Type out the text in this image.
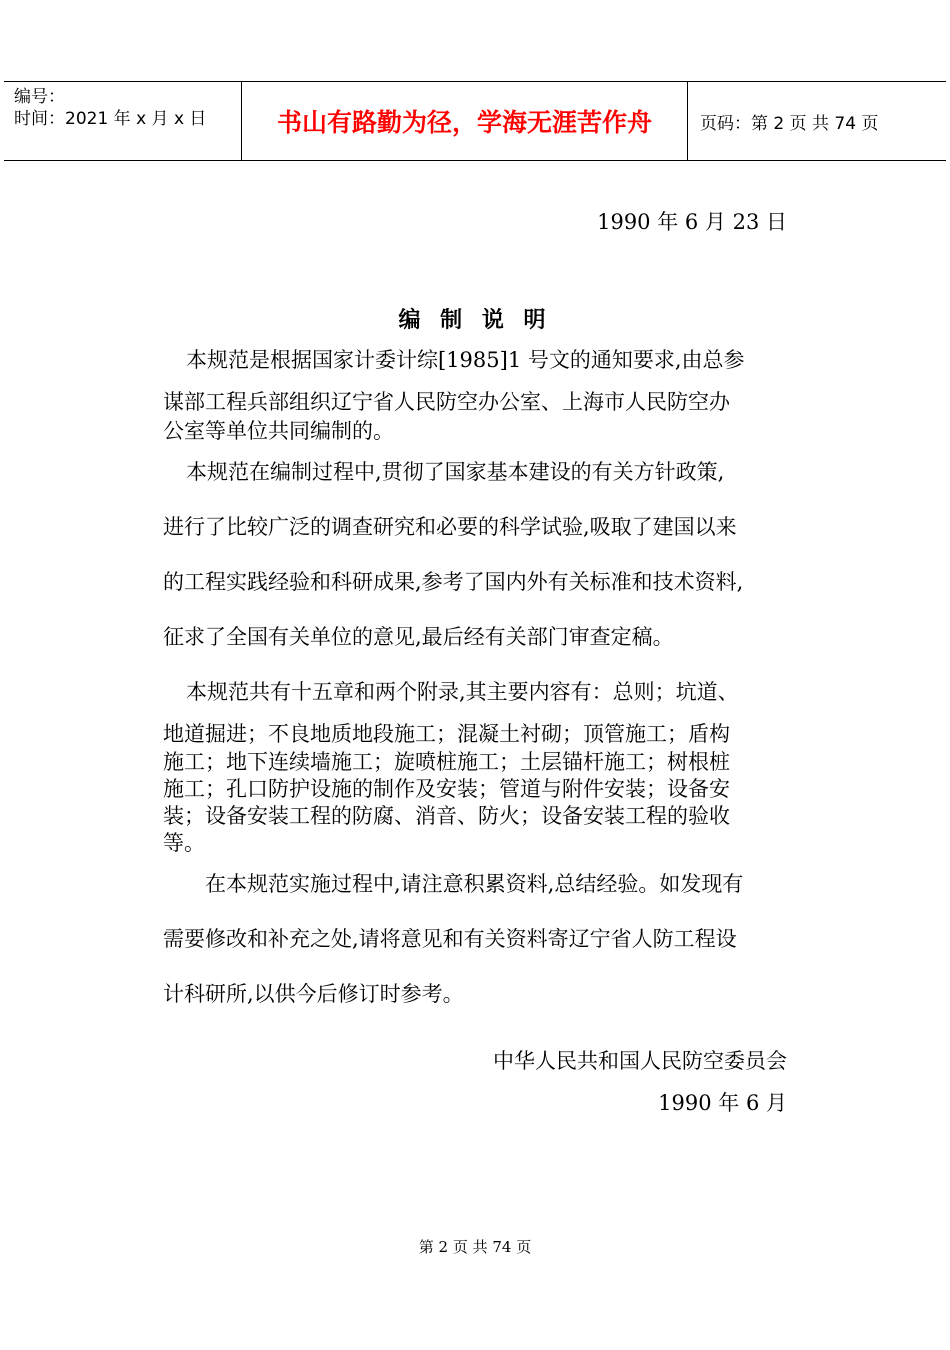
编号：
时间：2021 年 x 月 x 日	书山有路勤为径，学海无涯苦作舟	页码：第 2 页 共 74 页
1990 年 6 月 23 日
编 制 说 明
本规范是根据国家计委计综[1985]1 号文的通知要求,由总参
谋部工程兵部组织辽宁省人民防空办公室、上海市人民防空办
公室等单位共同编制的。
本规范在编制过程中,贯彻了国家基本建设的有关方针政策,
进行了比较广泛的调查研究和必要的科学试验,吸取了建国以来
的工程实践经验和科研成果,参考了国内外有关标准和技术资料,
征求了全国有关单位的意见,最后经有关部门审查定稿。
本规范共有十五章和两个附录,其主要内容有：总则；坑道、
地道掘进；不良地质地段施工；混凝土衬砌；顶管施工；盾构
施工；地下连续墙施工；旋喷桩施工；土层锚杆施工；树根桩
施工；孔口防护设施的制作及安装；管道与附件安装；设备安
装；设备安装工程的防腐、消音、防火；设备安装工程的验收
等。
在本规范实施过程中,请注意积累资料,总结经验。如发现有
需要修改和补充之处,请将意见和有关资料寄辽宁省人防工程设
计科研所,以供今后修订时参考。
中华人民共和国人民防空委员会
1990 年 6 月
第 2 页 共 74 页
